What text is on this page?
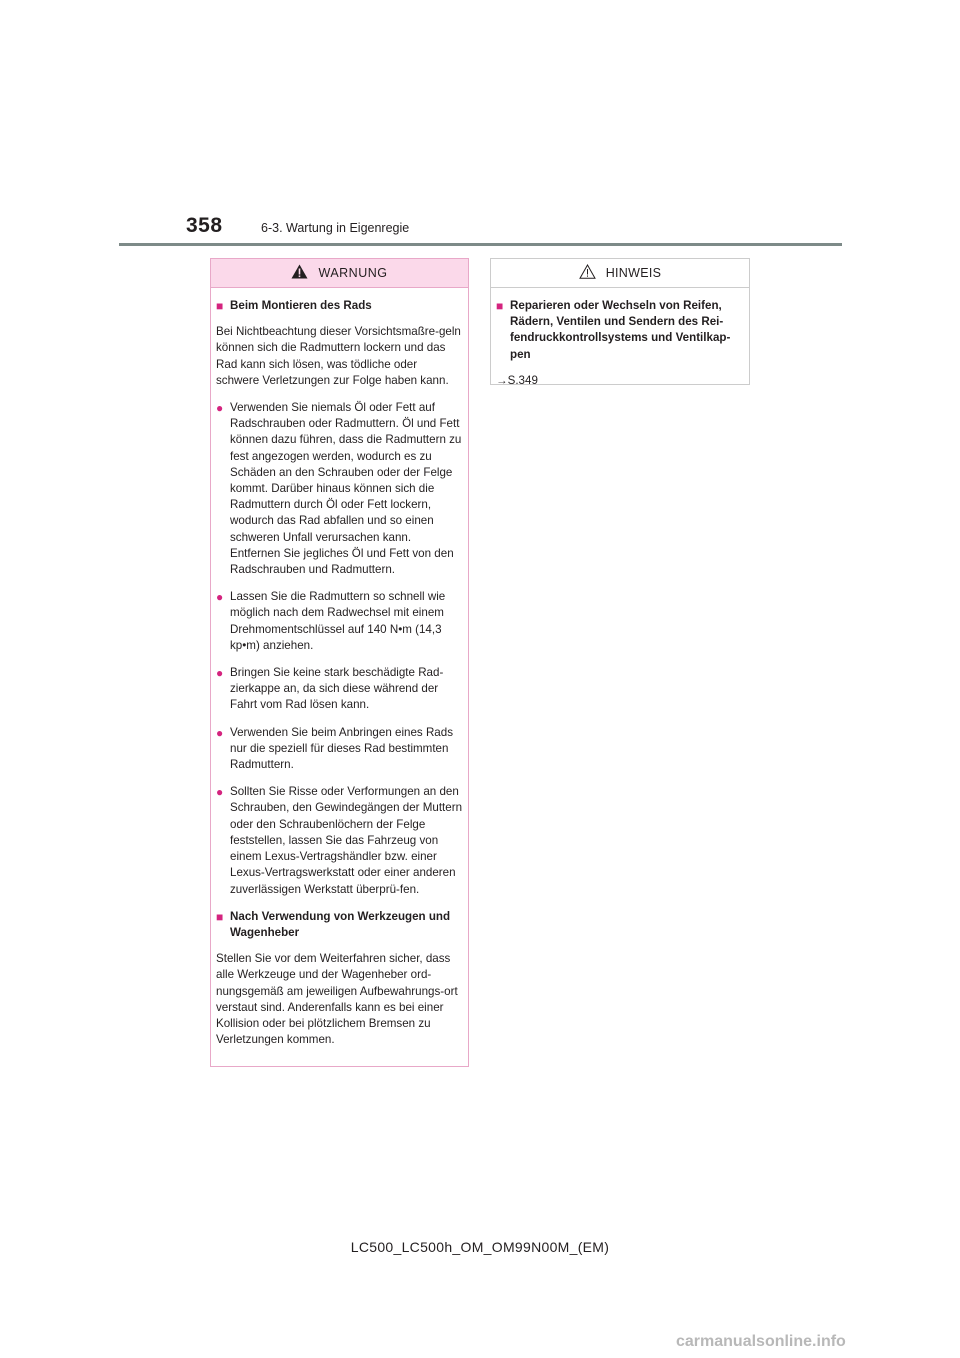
358	6-3. Wartung in Eigenregie
WARNUNG
■ Beim Montieren des Rads
Bei Nichtbeachtung dieser Vorsichtsmaßre-geln können sich die Radmuttern lockern und das Rad kann sich lösen, was tödliche oder schwere Verletzungen zur Folge haben kann.
● Verwenden Sie niemals Öl oder Fett auf Radschrauben oder Radmuttern. Öl und Fett können dazu führen, dass die Radmuttern zu fest angezogen werden, wodurch es zu Schäden an den Schrauben oder der Felge kommt. Darüber hinaus können sich die Radmuttern durch Öl oder Fett lockern, wodurch das Rad abfallen und so einen schweren Unfall verursachen kann. Entfernen Sie jegliches Öl und Fett von den Radschrauben und Radmuttern.
● Lassen Sie die Radmuttern so schnell wie möglich nach dem Radwechsel mit einem Drehmomentschlüssel auf 140 N•m (14,3 kp•m) anziehen.
● Bringen Sie keine stark beschädigte Rad-zierkappe an, da sich diese während der Fahrt vom Rad lösen kann.
● Verwenden Sie beim Anbringen eines Rads nur die speziell für dieses Rad bestimmten Radmuttern.
● Sollten Sie Risse oder Verformungen an den Schrauben, den Gewindegängen der Muttern oder den Schraubenlöchern der Felge feststellen, lassen Sie das Fahrzeug von einem Lexus-Vertragshändler bzw. einer Lexus-Vertragswerkstatt oder einer anderen zuverlässigen Werkstatt überprü-fen.
■ Nach Verwendung von Werkzeugen und Wagenheber
Stellen Sie vor dem Weiterfahren sicher, dass alle Werkzeuge und der Wagenheber ord-nungsgemäß am jeweiligen Aufbewahrungs-ort verstaut sind. Anderenfalls kann es bei einer Kollision oder bei plötzlichem Bremsen zu Verletzungen kommen.
HINWEIS
■ Reparieren oder Wechseln von Reifen, Rädern, Ventilen und Sendern des Rei-fendruckkontrollsystems und Ventilkap-pen
→ S.349
LC500_LC500h_OM_OM99N00M_(EM)
carmanualsonline.info
